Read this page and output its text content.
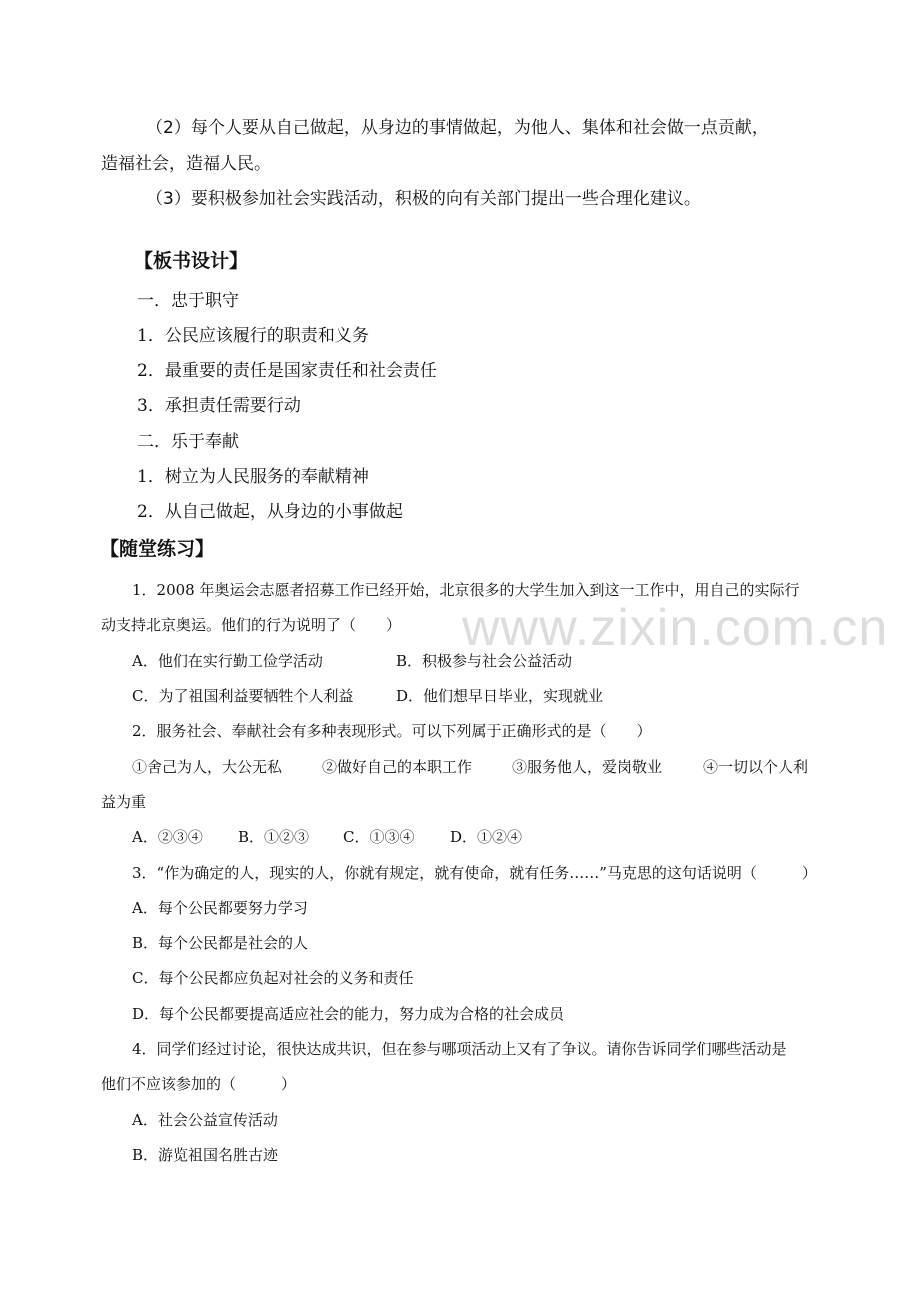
（2）每个人要从自己做起，从身边的事情做起，为他人、集体和社会做一点贡献，
造福社会，造福人民。
（3）要积极参加社会实践活动，积极的向有关部门提出一些合理化建议。
【板书设计】
一．忠于职守
1．公民应该履行的职责和义务
2．最重要的责任是国家责任和社会责任
3．承担责任需要行动
二．乐于奉献
1．树立为人民服务的奉献精神
2．从自己做起，从身边的小事做起
【随堂练习】
1．2008 年奥运会志愿者招募工作已经开始，北京很多的大学生加入到这一工作中，用自己的实际行
动支持北京奥运。他们的行为说明了（　　）
A．他们在实行勤工俭学活动	B．积极参与社会公益活动
C．为了祖国利益要牺牲个人利益	D．他们想早日毕业，实现就业
2．服务社会、奉献社会有多种表现形式。可以下列属于正确形式的是（　　）
①舍己为人，大公无私	②做好自己的本职工作	③服务他人，爱岗敬业	④一切以个人利
益为重
A．②③④ B．①②③ C．①③④ D．①②④
3．“作为确定的人，现实的人，你就有规定，就有使命，就有任务……”马克思的这句话说明（　　　）
A．每个公民都要努力学习
B．每个公民都是社会的人
C．每个公民都应负起对社会的义务和责任
D．每个公民都要提高适应社会的能力，努力成为合格的社会成员
4．同学们经过讨论，很快达成共识，但在参与哪项活动上又有了争议。请你告诉同学们哪些活动是
他们不应该参加的（　　　）
A．社会公益宣传活动
B．游览祖国名胜古迹
www.zixin.com.cn
